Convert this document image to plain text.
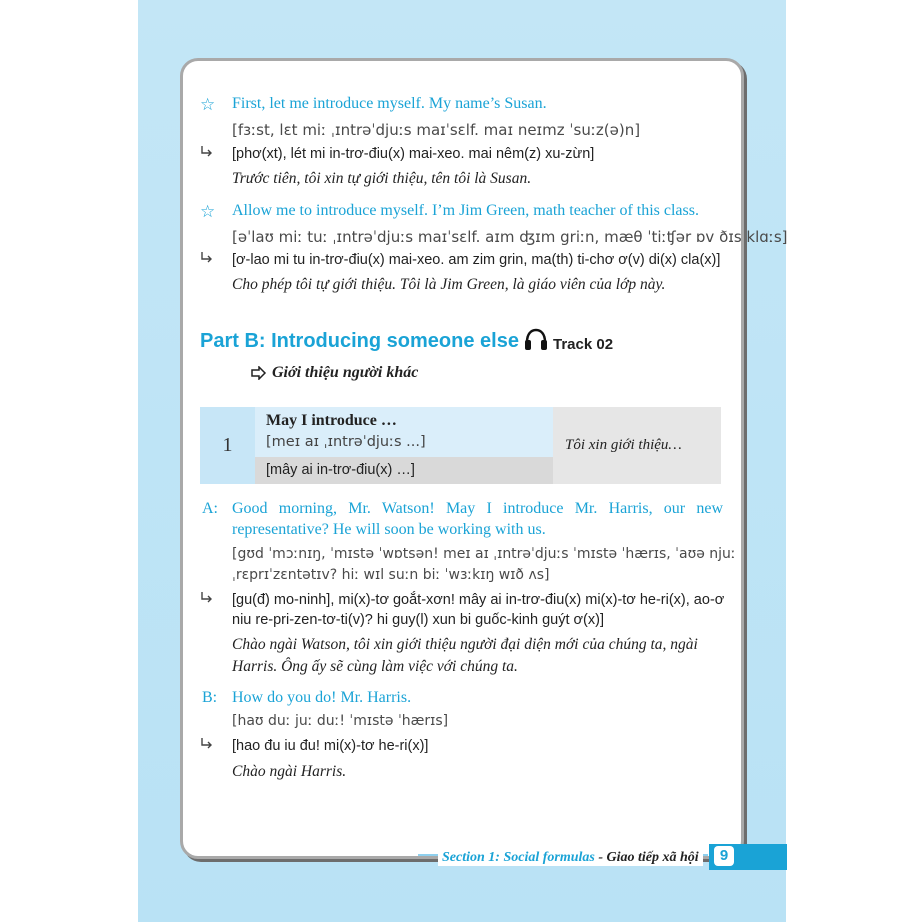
☆ First, let me introduce myself. My name’s Susan.
[fɜːst, lɛt miː ˌɪntrəˈdjuːs maɪˈsɛlf. maɪ neɪmz ˈsuːz(ə)n]
[phơ(xt), lét mi in-trơ-điu(x) mai-xeo. mai nêm(z) xu-zừn]
Trước tiên, tôi xin tự giới thiệu, tên tôi là Susan.
☆ Allow me to introduce myself. I’m Jim Green, math teacher of this class.
[əˈlaʊ miː tuː ˌɪntrəˈdjuːs maɪˈsɛlf. aɪm ʤɪm griːn, mæθ ˈtiːʧər ɒv ðɪs klɑːs]
[ơ-lao mi tu in-trơ-điu(x) mai-xeo. am zim grin, ma(th) ti-chơ ơ(v) di(x) cla(x)]
Cho phép tôi tự giới thiệu. Tôi là Jim Green, là giáo viên của lớp này.
Part B: Introducing someone else Track 02
Giới thiệu người khác
1
May I introduce …
[meɪ aɪ ˌɪntrəˈdjuːs ...]
[mây ai in-trơ-điu(x) …]
Tôi xin giới thiệu…
A: Good morning, Mr. Watson! May I introduce Mr. Harris, our new
representative? He will soon be working with us.
[gʊd ˈmɔːnɪŋ, ˈmɪstə ˈwɒtsən! meɪ aɪ ˌɪntrəˈdjuːs ˈmɪstə ˈhærɪs, ˈaʊə njuː
ˌrɛprɪˈzɛntətɪv? hiː wɪl suːn biː ˈwɜːkɪŋ wɪð ʌs]
[gu(đ) mo-ninh], mi(x)-tơ goắt-xơn! mây ai in-trơ-điu(x) mi(x)-tơ he-ri(x), ao-ơ
niu re-pri-zen-tơ-ti(v)? hi guy(l) xun bi guốc-kinh guýt ơ(x)]
Chào ngài Watson, tôi xin giới thiệu người đại diện mới của chúng ta, ngài
Harris. Ông ấy sẽ cùng làm việc với chúng ta.
B: How do you do! Mr. Harris.
[haʊ duː juː duː! ˈmɪstə ˈhærɪs]
[hao đu iu đu! mi(x)-tơ he-ri(x)]
Chào ngài Harris.
Section 1: Social formulas - Giao tiếp xã hội	9
